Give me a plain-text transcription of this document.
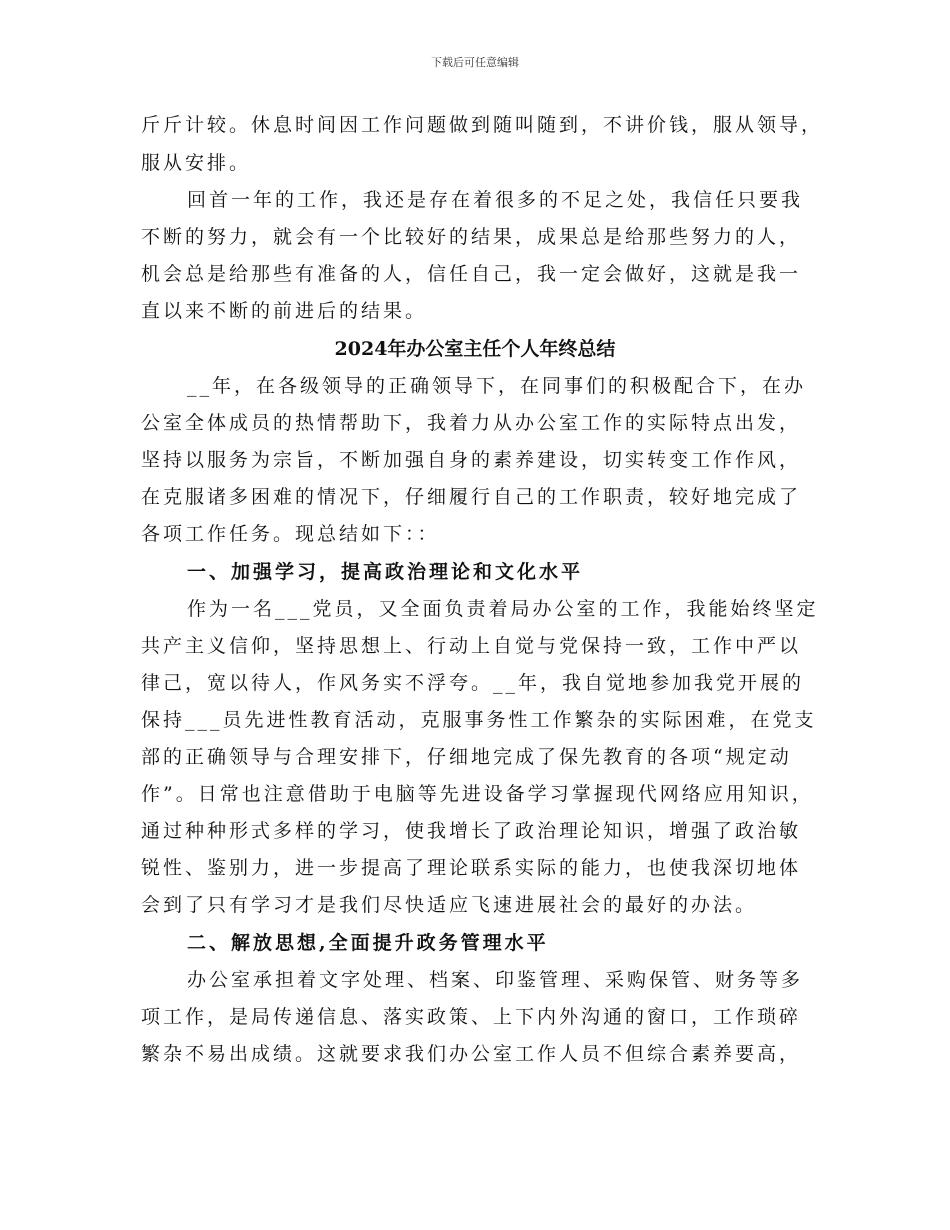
下载后可任意编辑
斤斤计较。休息时间因工作问题做到随叫随到，不讲价钱，服从领导，
服从安排。
回首一年的工作，我还是存在着很多的不足之处，我信任只要我
不断的努力，就会有一个比较好的结果，成果总是给那些努力的人，
机会总是给那些有准备的人，信任自己，我一定会做好，这就是我一
直以来不断的前进后的结果。
2024年办公室主任个人年终总结
__年，在各级领导的正确领导下，在同事们的积极配合下，在办
公室全体成员的热情帮助下，我着力从办公室工作的实际特点出发，
坚持以服务为宗旨，不断加强自身的素养建设，切实转变工作作风，
在克服诸多困难的情况下，仔细履行自己的工作职责，较好地完成了
各项工作任务。现总结如下：：
一、加强学习，提高政治理论和文化水平
作为一名___党员，又全面负责着局办公室的工作，我能始终坚定
共产主义信仰，坚持思想上、行动上自觉与党保持一致，工作中严以
律己，宽以待人，作风务实不浮夸。__年，我自觉地参加我党开展的
保持___员先进性教育活动，克服事务性工作繁杂的实际困难，在党支
部的正确领导与合理安排下，仔细地完成了保先教育的各项“规定动
作”。日常也注意借助于电脑等先进设备学习掌握现代网络应用知识，
通过种种形式多样的学习，使我增长了政治理论知识，增强了政治敏
锐性、鉴别力，进一步提高了理论联系实际的能力，也使我深切地体
会到了只有学习才是我们尽快适应飞速进展社会的最好的办法。
二、解放思想,全面提升政务管理水平
办公室承担着文字处理、档案、印鉴管理、采购保管、财务等多
项工作，是局传递信息、落实政策、上下内外沟通的窗口，工作琐碎
繁杂不易出成绩。这就要求我们办公室工作人员不但综合素养要高，
